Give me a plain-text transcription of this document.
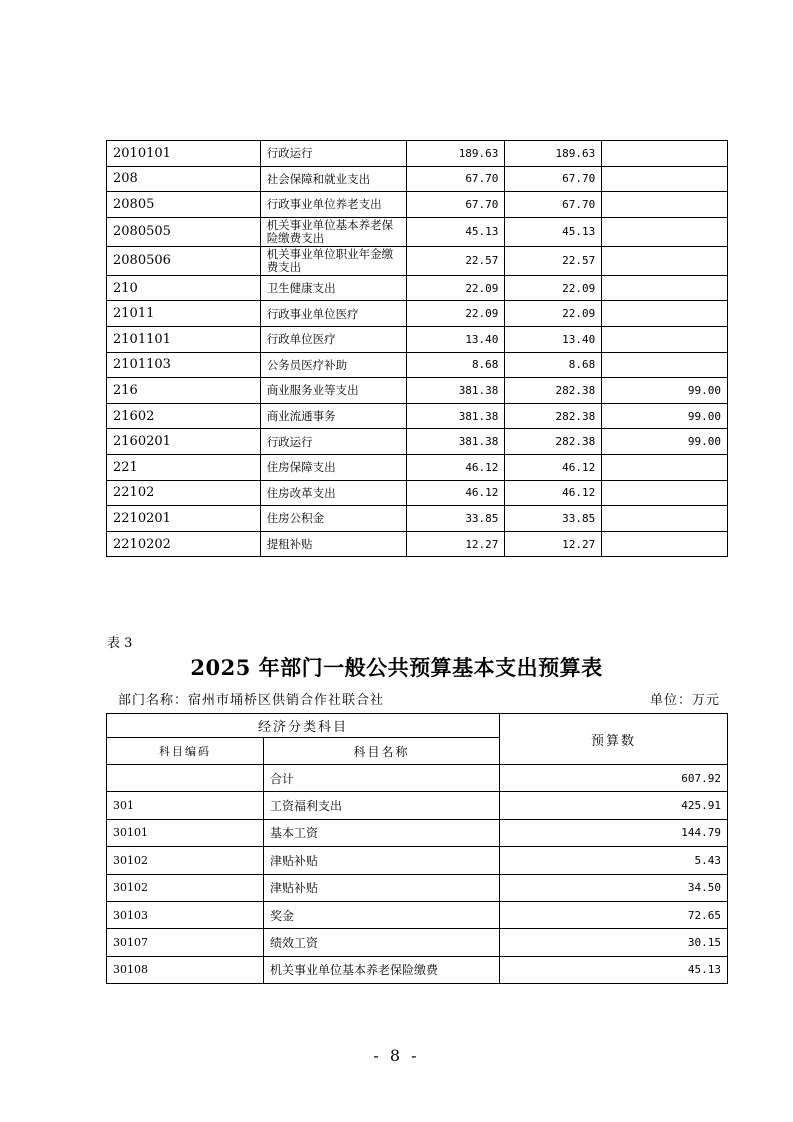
2010101	行政运行	189.63	189.63	
208	社会保障和就业支出	67.70	67.70	
20805	行政事业单位养老支出	67.70	67.70	
2080505	机关事业单位基本养老保险缴费支出	45.13	45.13	
2080506	机关事业单位职业年金缴费支出	22.57	22.57	
210	卫生健康支出	22.09	22.09	
21011	行政事业单位医疗	22.09	22.09	
2101101	行政单位医疗	13.40	13.40	
2101103	公务员医疗补助	8.68	8.68	
216	商业服务业等支出	381.38	282.38	99.00
21602	商业流通事务	381.38	282.38	99.00
2160201	行政运行	381.38	282.38	99.00
221	住房保障支出	46.12	46.12	
22102	住房改革支出	46.12	46.12	
2210201	住房公积金	33.85	33.85	
2210202	提租补贴	12.27	12.27	
表 3
2025 年部门一般公共预算基本支出预算表
部门名称：宿州市埇桥区供销合作社联合社	单位：万元
经济分类科目		预算数
科目编码	科目名称	
	合计	607.92
301	工资福利支出	425.91
30101	基本工资	144.79
30102	津贴补贴	5.43
30102	津贴补贴	34.50
30103	奖金	72.65
30107	绩效工资	30.15
30108	机关事业单位基本养老保险缴费	45.13
- 8 -
